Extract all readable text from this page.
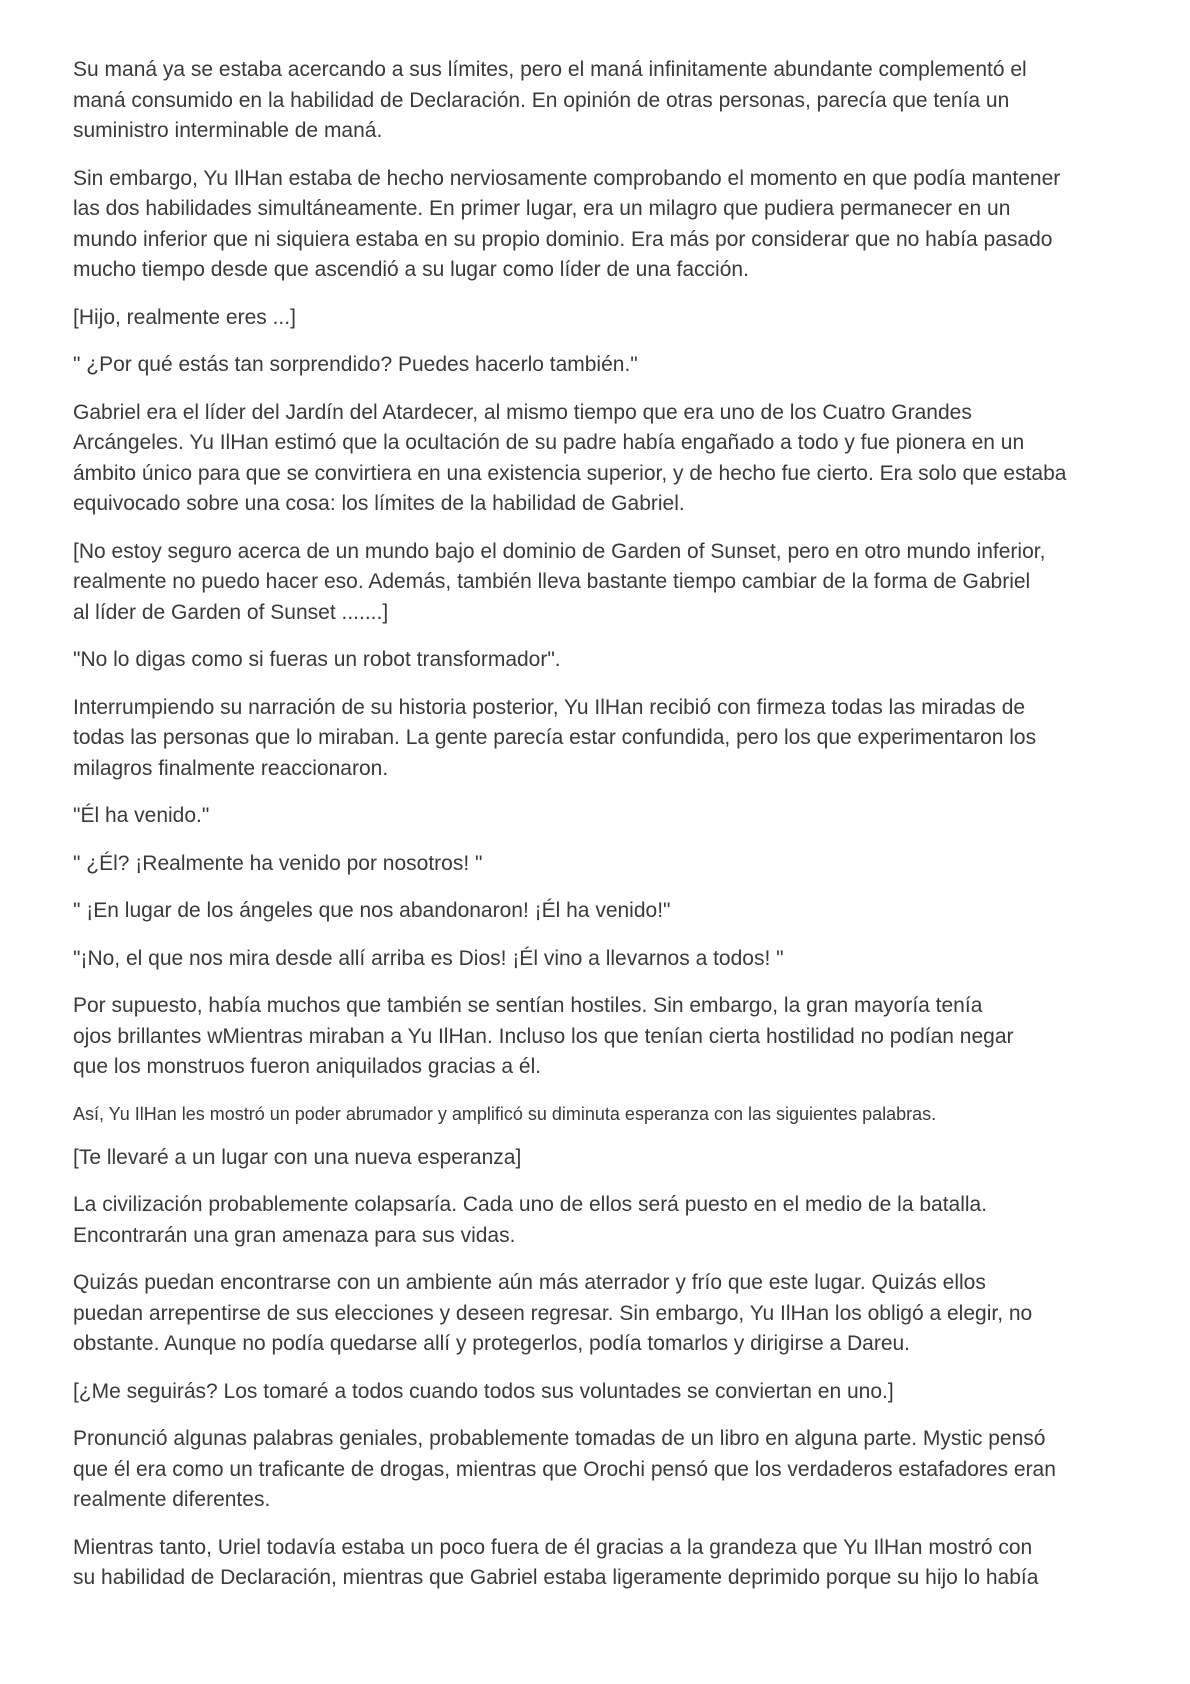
Su maná ya se estaba acercando a sus límites, pero el maná infinitamente abundante complementó el
maná consumido en la habilidad de Declaración. En opinión de otras personas, parecía que tenía un
suministro interminable de maná.

Sin embargo, Yu IlHan estaba de hecho nerviosamente comprobando el momento en que podía mantener
las dos habilidades simultáneamente. En primer lugar, era un milagro que pudiera permanecer en un
mundo inferior que ni siquiera estaba en su propio dominio. Era más por considerar que no había pasado
mucho tiempo desde que ascendió a su lugar como líder de una facción.

[Hijo, realmente eres ...]

" ¿Por qué estás tan sorprendido? Puedes hacerlo también."

Gabriel era el líder del Jardín del Atardecer, al mismo tiempo que era uno de los Cuatro Grandes
Arcángeles. Yu IlHan estimó que la ocultación de su padre había engañado a todo y fue pionera en un
ámbito único para que se convirtiera en una existencia superior, y de hecho fue cierto. Era solo que estaba
equivocado sobre una cosa: los límites de la habilidad de Gabriel.

[No estoy seguro acerca de un mundo bajo el dominio de Garden of Sunset, pero en otro mundo inferior,
realmente no puedo hacer eso. Además, también lleva bastante tiempo cambiar de la forma de Gabriel
al líder de Garden of Sunset .......]

"No lo digas como si fueras un robot transformador".

Interrumpiendo su narración de su historia posterior, Yu IlHan recibió con firmeza todas las miradas de
todas las personas que lo miraban. La gente parecía estar confundida, pero los que experimentaron los
milagros finalmente reaccionaron.

"Él ha venido."

" ¿Él? ¡Realmente ha venido por nosotros! "

" ¡En lugar de los ángeles que nos abandonaron! ¡Él ha venido!"

"¡No, el que nos mira desde allí arriba es Dios! ¡Él vino a llevarnos a todos! "

Por supuesto, había muchos que también se sentían hostiles. Sin embargo, la gran mayoría tenía
ojos brillantes wMientras miraban a Yu IlHan. Incluso los que tenían cierta hostilidad no podían negar
que los monstruos fueron aniquilados gracias a él.

Así, Yu IlHan les mostró un poder abrumador y amplificó su diminuta esperanza con las siguientes palabras.

[Te llevaré a un lugar con una nueva esperanza]

La civilización probablemente colapsaría. Cada uno de ellos será puesto en el medio de la batalla.
Encontrarán una gran amenaza para sus vidas.

Quizás puedan encontrarse con un ambiente aún más aterrador y frío que este lugar. Quizás ellos
puedan arrepentirse de sus elecciones y deseen regresar. Sin embargo, Yu IlHan los obligó a elegir, no
obstante. Aunque no podía quedarse allí y protegerlos, podía tomarlos y dirigirse a Dareu.

[¿Me seguirás? Los tomaré a todos cuando todos sus voluntades se conviertan en uno.]

Pronunció algunas palabras geniales, probablemente tomadas de un libro en alguna parte. Mystic pensó
que él era como un traficante de drogas, mientras que Orochi pensó que los verdaderos estafadores eran
realmente diferentes.

Mientras tanto, Uriel todavía estaba un poco fuera de él gracias a la grandeza que Yu IlHan mostró con
su habilidad de Declaración, mientras que Gabriel estaba ligeramente deprimido porque su hijo lo había
